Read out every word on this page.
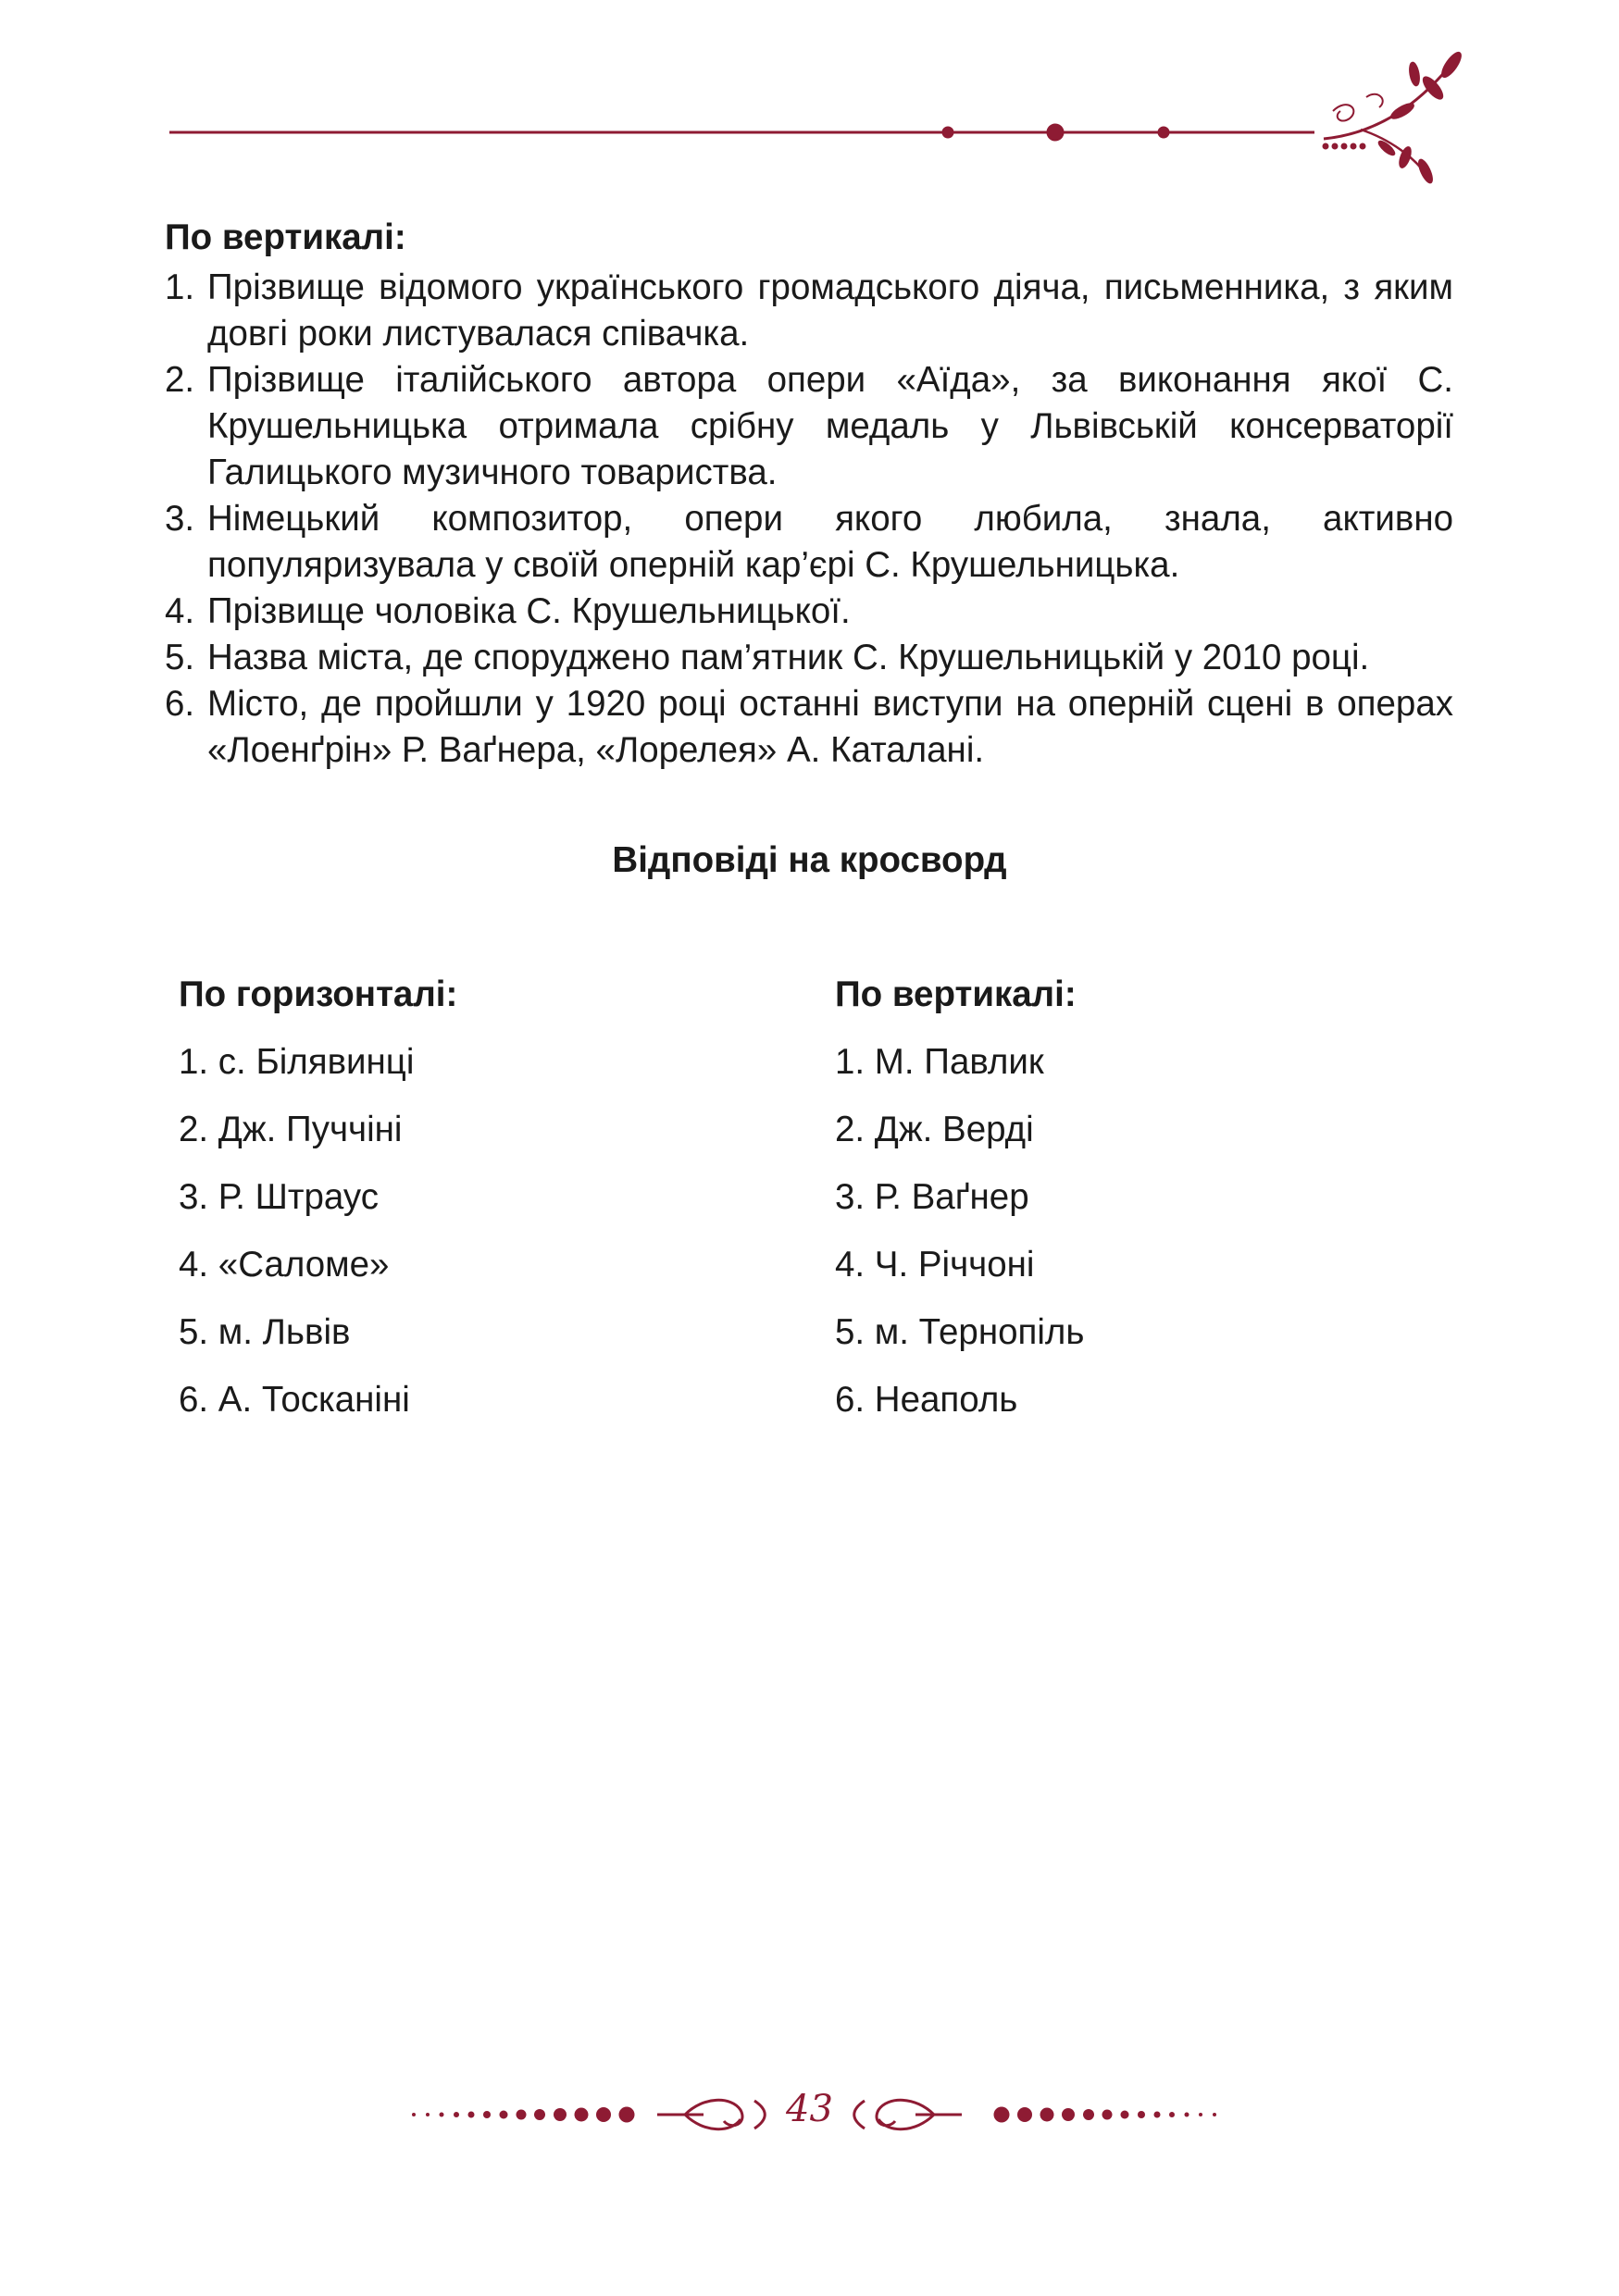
По вертикалі:
1. Прізвище відомого українського громадського діяча, письменника, з яким довгі роки листувалася співачка.
2. Прізвище італійського автора опери «Аїда», за виконання якої С. Крушельницька отримала срібну медаль у Львівській консерваторії Галицького музичного товариства.
3. Німецький композитор, опери якого любила, знала, активно популяризувала у своїй оперній кар’єрі С. Крушельницька.
4. Прізвище чоловіка С. Крушельницької.
5. Назва міста, де споруджено пам’ятник С. Крушельницькій у 2010 році.
6. Місто, де пройшли у 1920 році останні виступи на оперній сцені в операх «Лоенґрін» Р. Ваґнера, «Лорелея» А. Каталані.
Відповіді на кросворд
По горизонталі:
1. с. Білявинці
2. Дж. Пуччіні
3. Р. Штраус
4. «Саломе»
5. м. Львів
6. А. Тосканіні
По вертикалі:
1. М. Павлик
2. Дж. Верді
3. Р. Ваґнер
4. Ч. Річчоні
5. м. Тернопіль
6. Неаполь
43
